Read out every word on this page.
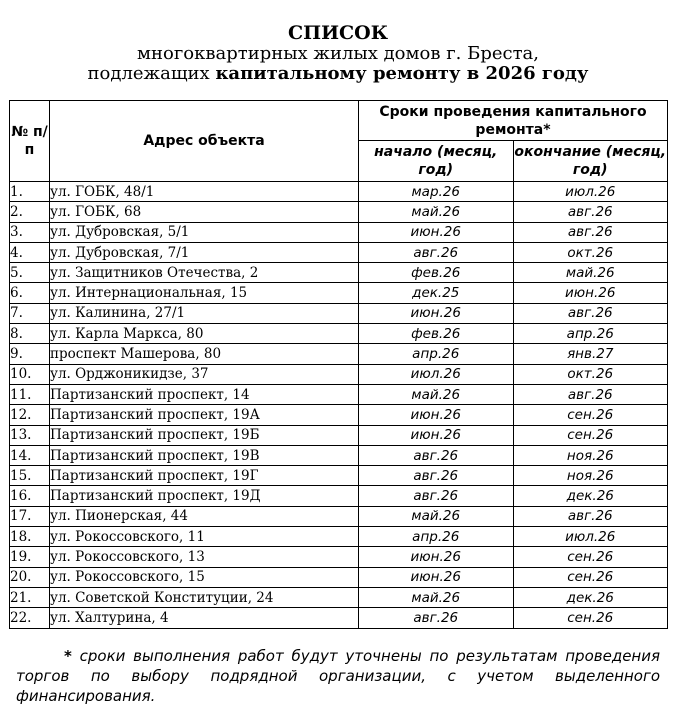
СПИСОК
многоквартирных жилых домов г. Бреста,
подлежащих капитальному ремонту в 2026 году
№ п/п	Адрес объекта	Сроки проведения капитального ремонта*	
		начало (месяц, год)	окончание (месяц, год)
1.	ул. ГОБК, 48/1	мар.26	июл.26
2.	ул. ГОБК, 68	май.26	авг.26
3.	ул. Дубровская, 5/1	июн.26	авг.26
4.	ул. Дубровская, 7/1	авг.26	окт.26
5.	ул. Защитников Отечества, 2	фев.26	май.26
6.	ул. Интернациональная, 15	дек.25	июн.26
7.	ул. Калинина, 27/1	июн.26	авг.26
8.	ул. Карла Маркса, 80	фев.26	апр.26
9.	проспект Машерова, 80	апр.26	янв.27
10.	ул. Орджоникидзе, 37	июл.26	окт.26
11.	Партизанский проспект, 14	май.26	авг.26
12.	Партизанский проспект, 19А	июн.26	сен.26
13.	Партизанский проспект, 19Б	июн.26	сен.26
14.	Партизанский проспект, 19В	авг.26	ноя.26
15.	Партизанский проспект, 19Г	авг.26	ноя.26
16.	Партизанский проспект, 19Д	авг.26	дек.26
17.	ул. Пионерская, 44	май.26	авг.26
18.	ул. Рокоссовского, 11	апр.26	июл.26
19.	ул. Рокоссовского, 13	июн.26	сен.26
20.	ул. Рокоссовского, 15	июн.26	сен.26
21.	ул. Советской Конституции, 24	май.26	дек.26
22.	ул. Халтурина, 4	авг.26	сен.26
* сроки выполнения работ будут уточнены по результатам проведения торгов по выбору подрядной организации, с учетом выделенного финансирования.
